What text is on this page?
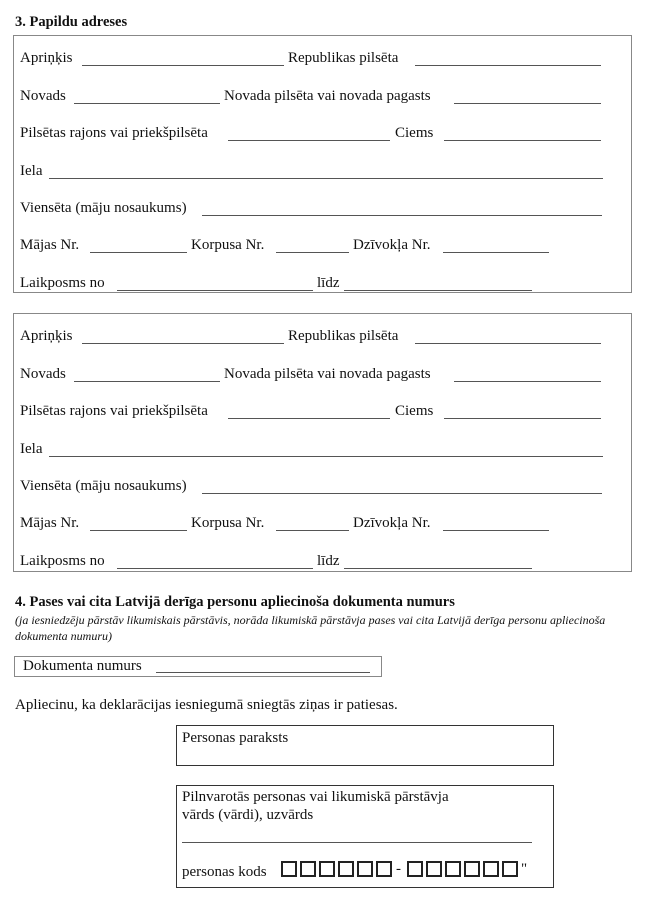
3. Papildu adreses
Apriņķis	Republikas pilsēta
Novads	Novada pilsēta vai novada pagasts
Pilsētas rajons vai priekšpilsēta	Ciems
Iela
Viensēta (māju nosaukums)
Mājas Nr.	Korpusa Nr.	Dzīvokļa Nr.
Laikposms no	līdz
Apriņķis	Republikas pilsēta
Novads	Novada pilsēta vai novada pagasts
Pilsētas rajons vai priekšpilsēta	Ciems
Iela
Viensēta (māju nosaukums)
Mājas Nr.	Korpusa Nr.	Dzīvokļa Nr.
Laikposms no	līdz
4. Pases vai cita Latvijā derīga personu apliecinoša dokumenta numurs
(ja iesniedzēju pārstāv likumiskais pārstāvis, norāda likumiskā pārstāvja pases vai cita Latvijā derīga personu apliecinoša dokumenta numuru)
Dokumenta numurs
Apliecinu, ka deklarācijas iesniegumā sniegtās ziņas ir patiesas.
Personas paraksts
Pilnvarotās personas vai likumiskā pārstāvja
vārds (vārdi), uzvārds
personas kods	-	"
